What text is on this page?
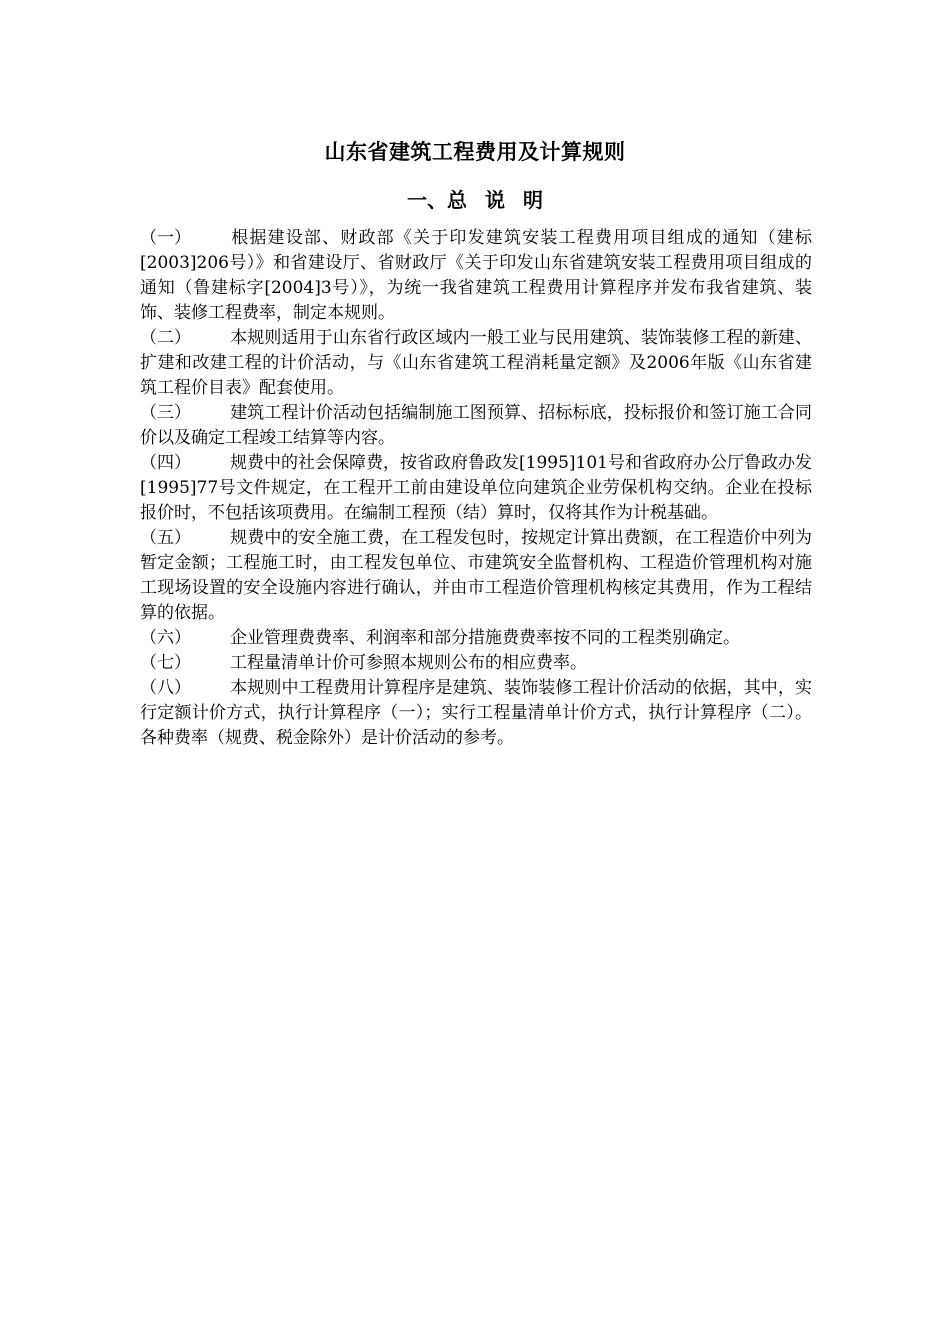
山东省建筑工程费用及计算规则
一、总 说 明

（一） 根据建设部、财政部《关于印发建筑安装工程费用项目组成的通知（建标[2003]206号）》和省建设厅、省财政厅《关于印发山东省建筑安装工程费用项目组成的通知（鲁建标字[2004]3号）》，为统一我省建筑工程费用计算程序并发布我省建筑、装饰、装修工程费率，制定本规则。

（二） 本规则适用于山东省行政区域内一般工业与民用建筑、装饰装修工程的新建、扩建和改建工程的计价活动，与《山东省建筑工程消耗量定额》及2006年版《山东省建筑工程价目表》配套使用。

（三） 建筑工程计价活动包括编制施工图预算、招标标底，投标报价和签订施工合同价以及确定工程竣工结算等内容。

（四） 规费中的社会保障费，按省政府鲁政发[1995]101号和省政府办公厅鲁政办发[1995]77号文件规定，在工程开工前由建设单位向建筑企业劳保机构交纳。企业在投标报价时，不包括该项费用。在编制工程预（结）算时，仅将其作为计税基础。

（五） 规费中的安全施工费，在工程发包时，按规定计算出费额，在工程造价中列为暂定金额；工程施工时，由工程发包单位、市建筑安全监督机构、工程造价管理机构对施工现场设置的安全设施内容进行确认，并由市工程造价管理机构核定其费用，作为工程结算的依据。

（六） 企业管理费费率、利润率和部分措施费费率按不同的工程类别确定。

（七） 工程量清单计价可参照本规则公布的相应费率。

（八） 本规则中工程费用计算程序是建筑、装饰装修工程计价活动的依据，其中，实行定额计价方式，执行计算程序（一）；实行工程量清单计价方式，执行计算程序（二）。各种费率（规费、税金除外）是计价活动的参考。
